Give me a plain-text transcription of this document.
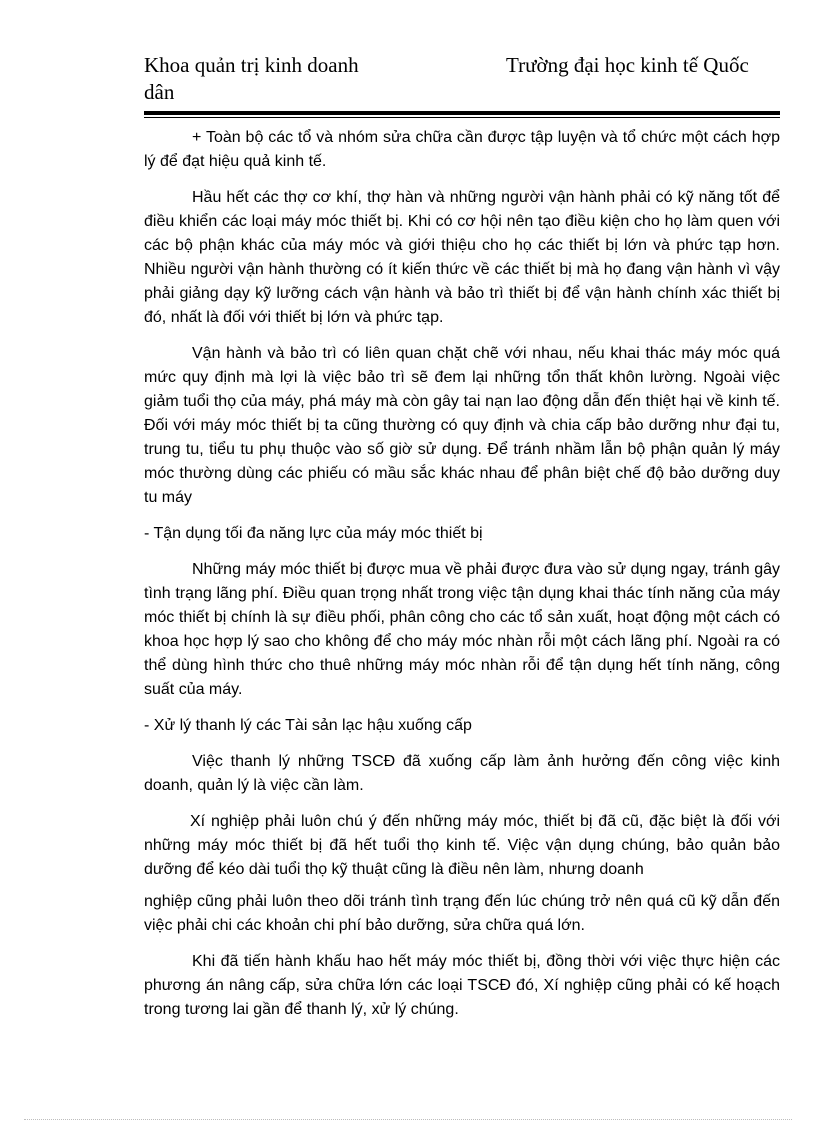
Khoa quản trị kinh doanh	Trường đại học kinh tế Quốc
dân

+ Toàn bộ các tổ và nhóm sửa chữa cần được tập luyện và tổ chức một cách hợp lý để đạt hiệu quả kinh tế.

Hầu hết các thợ cơ khí, thợ hàn và những người vận hành phải có kỹ năng tốt để điều khiển các loại máy móc thiết bị. Khi có cơ hội nên tạo điều kiện cho họ làm quen với các bộ phận khác của máy móc và giới thiệu cho họ các thiết bị lớn và phức tạp hơn. Nhiều người vận hành thường có ít kiến thức về các thiết bị mà họ đang vận hành vì vậy phải giảng dạy kỹ lưỡng cách vận hành và bảo trì thiết bị để vận hành chính xác thiết bị đó, nhất là đối với thiết bị lớn và phức tạp.

Vận hành và bảo trì có liên quan chặt chẽ với nhau, nếu khai thác máy móc quá mức quy định mà lợi là việc bảo trì sẽ đem lại những tổn thất khôn lường. Ngoài việc giảm tuổi thọ của máy, phá máy mà còn gây tai nạn lao động dẫn đến thiệt hại về kinh tế. Đối với máy móc thiết bị ta cũng thường có quy định và chia cấp bảo dưỡng như đại tu, trung tu, tiểu tu phụ thuộc vào số giờ sử dụng. Để tránh nhầm lẫn bộ phận quản lý máy móc thường dùng các phiếu có mầu sắc khác nhau để phân biệt chế độ bảo dưỡng duy tu máy

- Tận dụng tối đa năng lực của máy móc thiết bị

Những máy móc thiết bị được mua về phải được đưa vào sử dụng ngay, tránh gây tình trạng lãng phí. Điều quan trọng nhất trong việc tận dụng khai thác tính năng của máy móc thiết bị chính là sự điều phối, phân công cho các tổ sản xuất, hoạt động một cách có khoa học hợp lý sao cho không để cho máy móc nhàn rỗi một cách lãng phí. Ngoài ra có thể dùng hình thức cho thuê những máy móc nhàn rỗi để tận dụng hết tính năng, công suất của máy.

- Xử lý thanh lý các Tài sản lạc hậu xuống cấp

Việc thanh lý những TSCĐ đã xuống cấp làm ảnh hưởng đến công việc kinh doanh, quản lý là việc cần làm.

Xí nghiệp phải luôn chú ý đến những máy móc, thiết bị đã cũ, đặc biệt là đối với những máy móc thiết bị đã hết tuổi thọ kinh tế. Việc vận dụng chúng, bảo quản bảo dưỡng để kéo dài tuổi thọ kỹ thuật cũng là điều nên làm, nhưng doanh

nghiệp cũng phải luôn theo dõi tránh tình trạng đến lúc chúng trở nên quá cũ kỹ dẫn đến việc phải chi các khoản chi phí bảo dưỡng, sửa chữa quá lớn.

Khi đã tiến hành khấu hao hết máy móc thiết bị, đồng thời với việc thực hiện các phương án nâng cấp, sửa chữa lớn các loại TSCĐ đó, Xí nghiệp cũng phải có kế hoạch trong tương lai gần để thanh lý, xử lý chúng.
